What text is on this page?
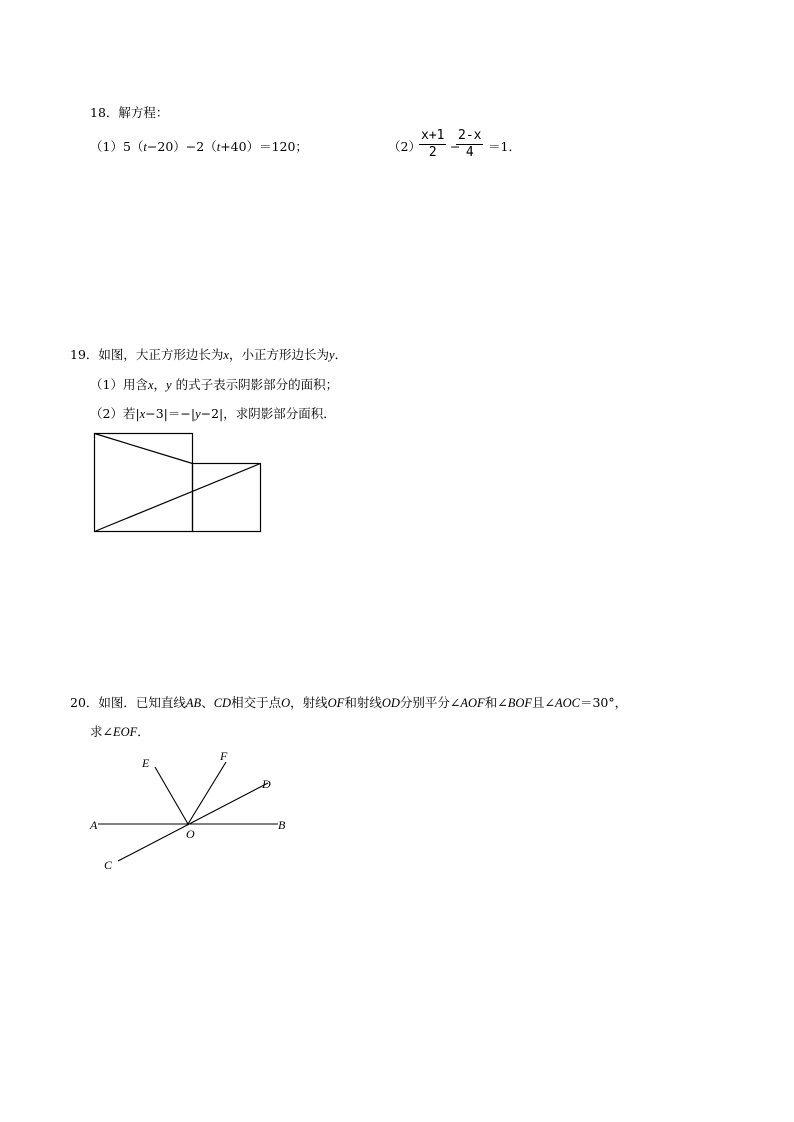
18．解方程：
（1）5（t−20）−2（t+40）＝120；	（2）
$\frac{x+1}{2}$ −
$\frac{2-x}{4} =1$．
19．如图，大正方形边长为x，小正方形边长为y．
（1）用含x，y 的式子表示阴影部分的面积；
（2）若|x−3|＝−|y−2|，求阴影部分面积．
20．如图．已知直线AB、CD相交于点O，射线OF和射线OD分别平分∠AOF和∠BOF且∠AOC＝30°，
求∠EOF．
A	B
C
D
E	F
O
